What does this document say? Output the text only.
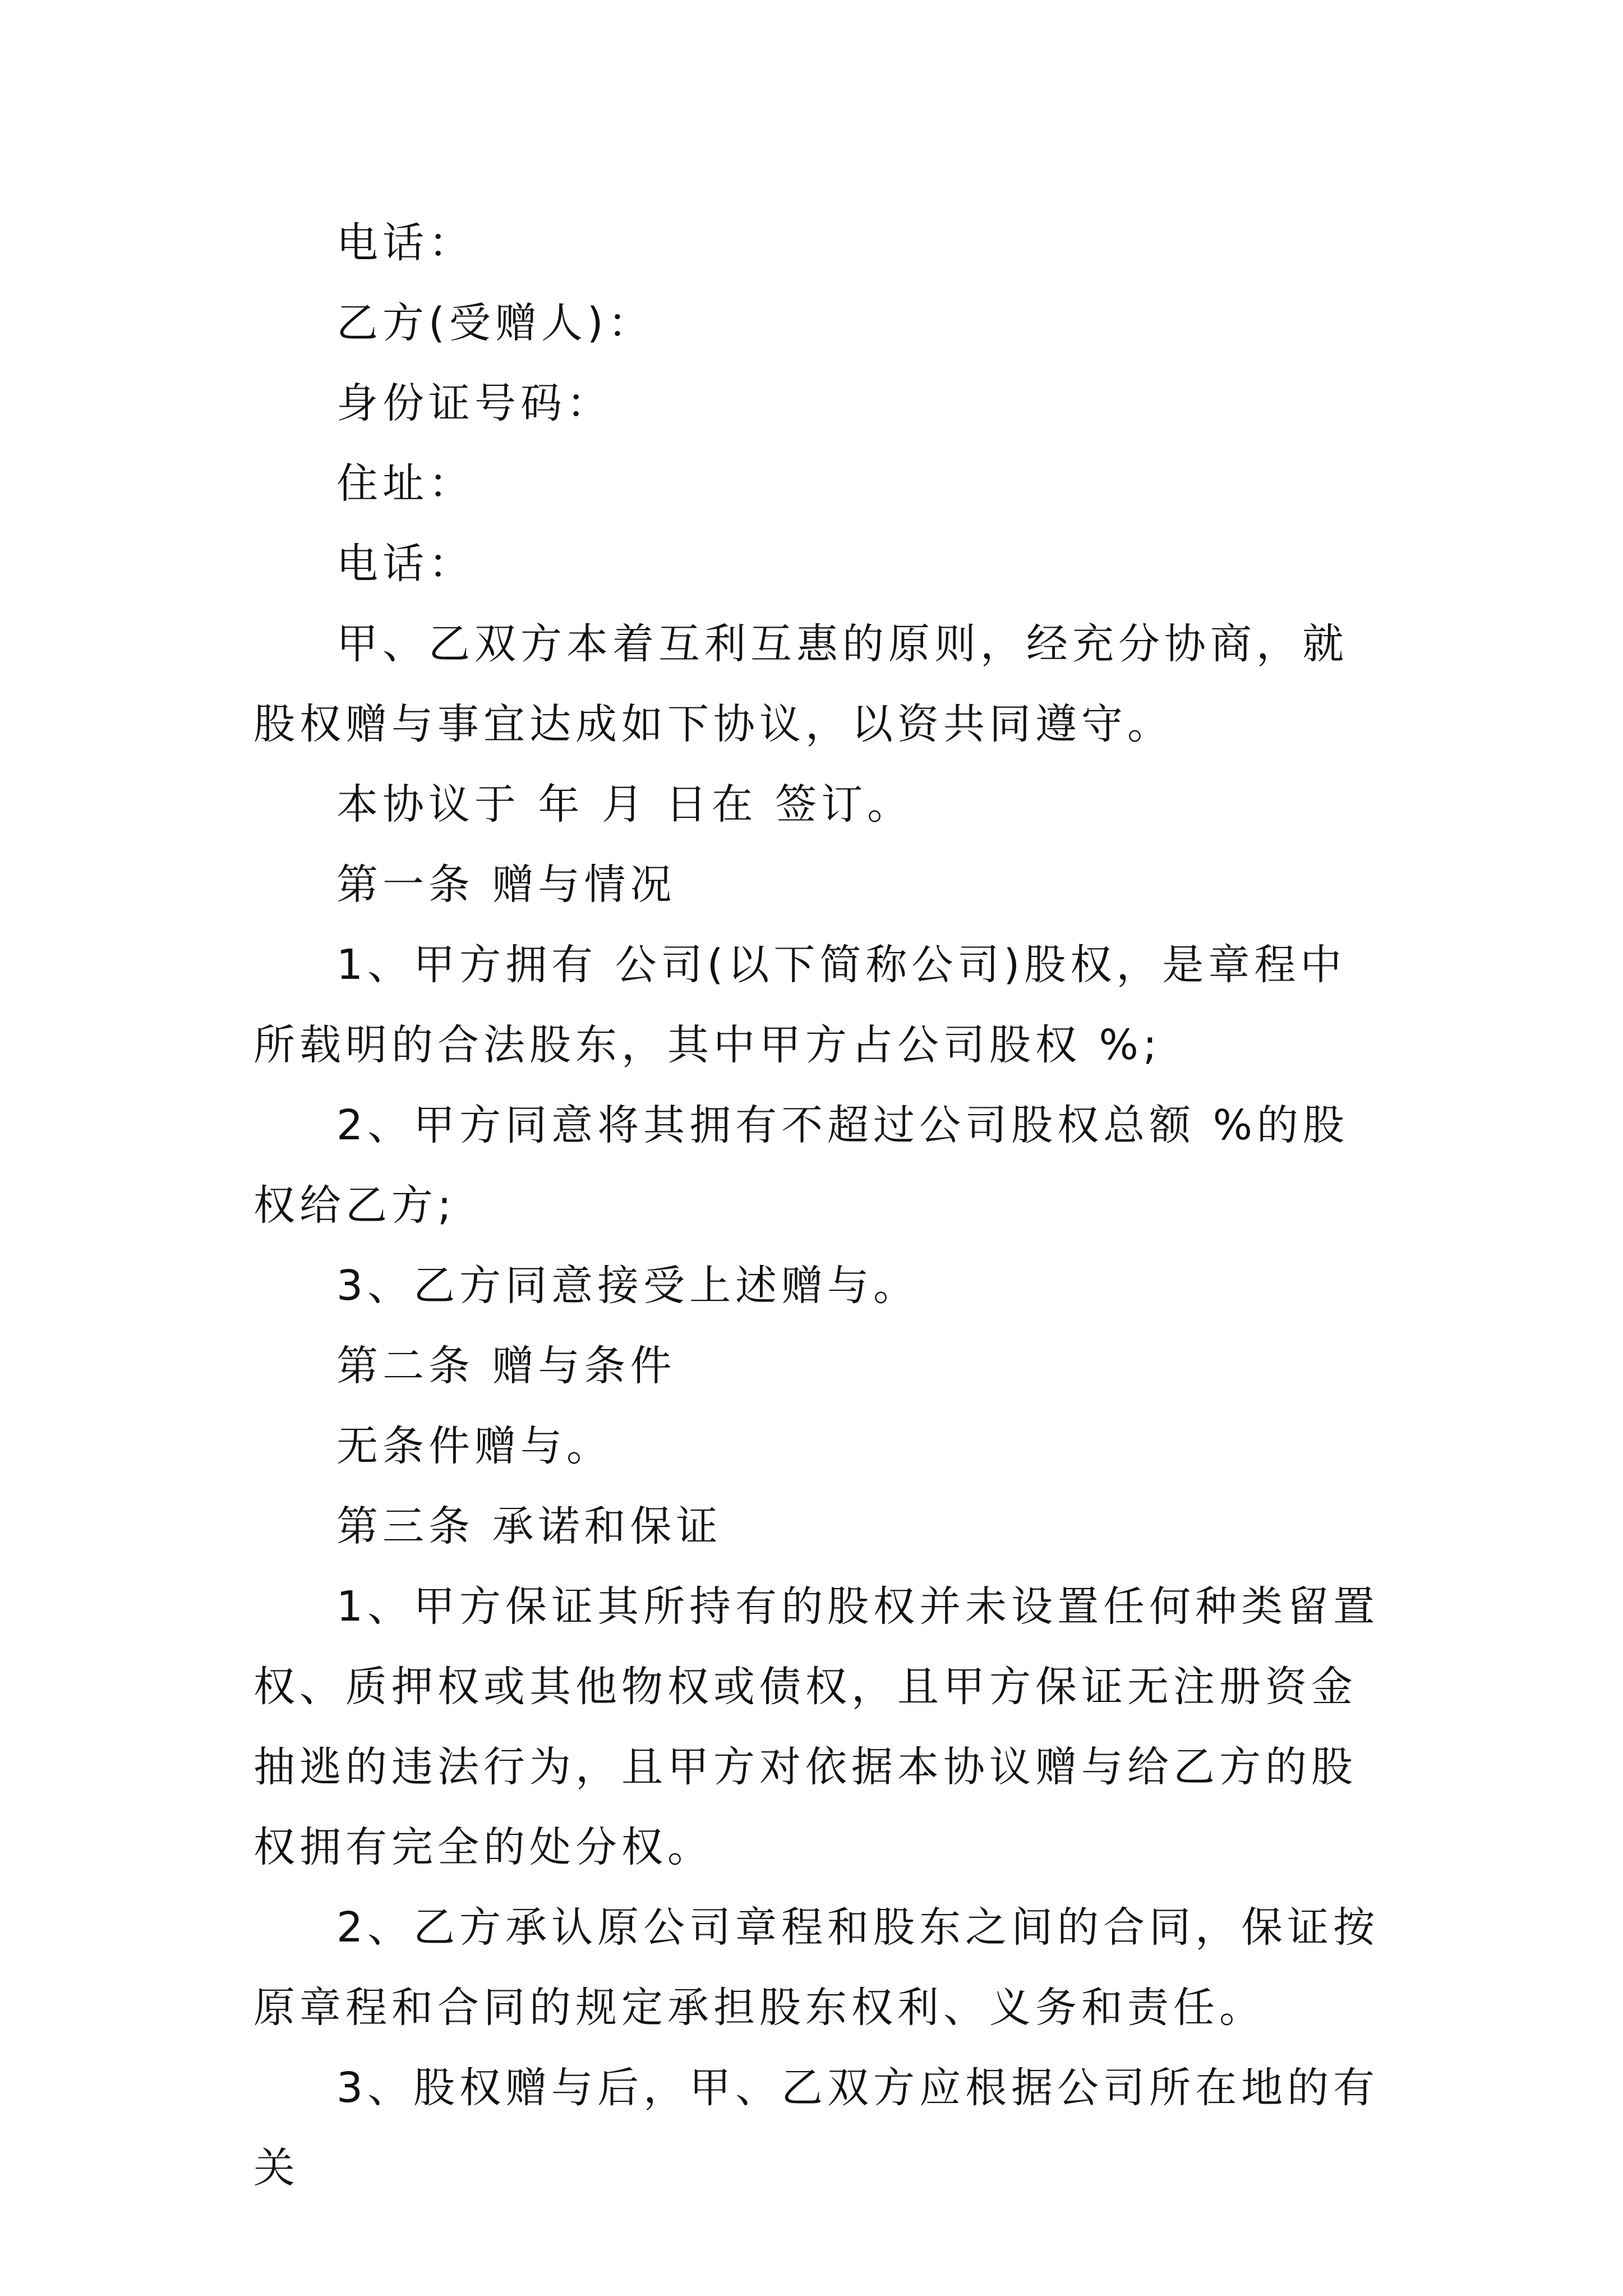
电话：

乙方(受赠人)：

身份证号码：

住址：

电话：

甲、乙双方本着互利互惠的原则，经充分协商，就股权赠与事宜达成如下协议，以资共同遵守。

本协议于 年 月 日在 签订。

第一条 赠与情况

1、甲方拥有 公司(以下简称公司)股权，是章程中所载明的合法股东，其中甲方占公司股权 %;

2、甲方同意将其拥有不超过公司股权总额 %的股权给乙方;

3、乙方同意接受上述赠与。

第二条 赠与条件

无条件赠与。

第三条 承诺和保证

1、甲方保证其所持有的股权并未设置任何种类留置权、质押权或其他物权或债权，且甲方保证无注册资金抽逃的违法行为，且甲方对依据本协议赠与给乙方的股权拥有完全的处分权。

2、乙方承认原公司章程和股东之间的合同，保证按原章程和合同的规定承担股东权利、义务和责任。

3、股权赠与后，甲、乙双方应根据公司所在地的有关
